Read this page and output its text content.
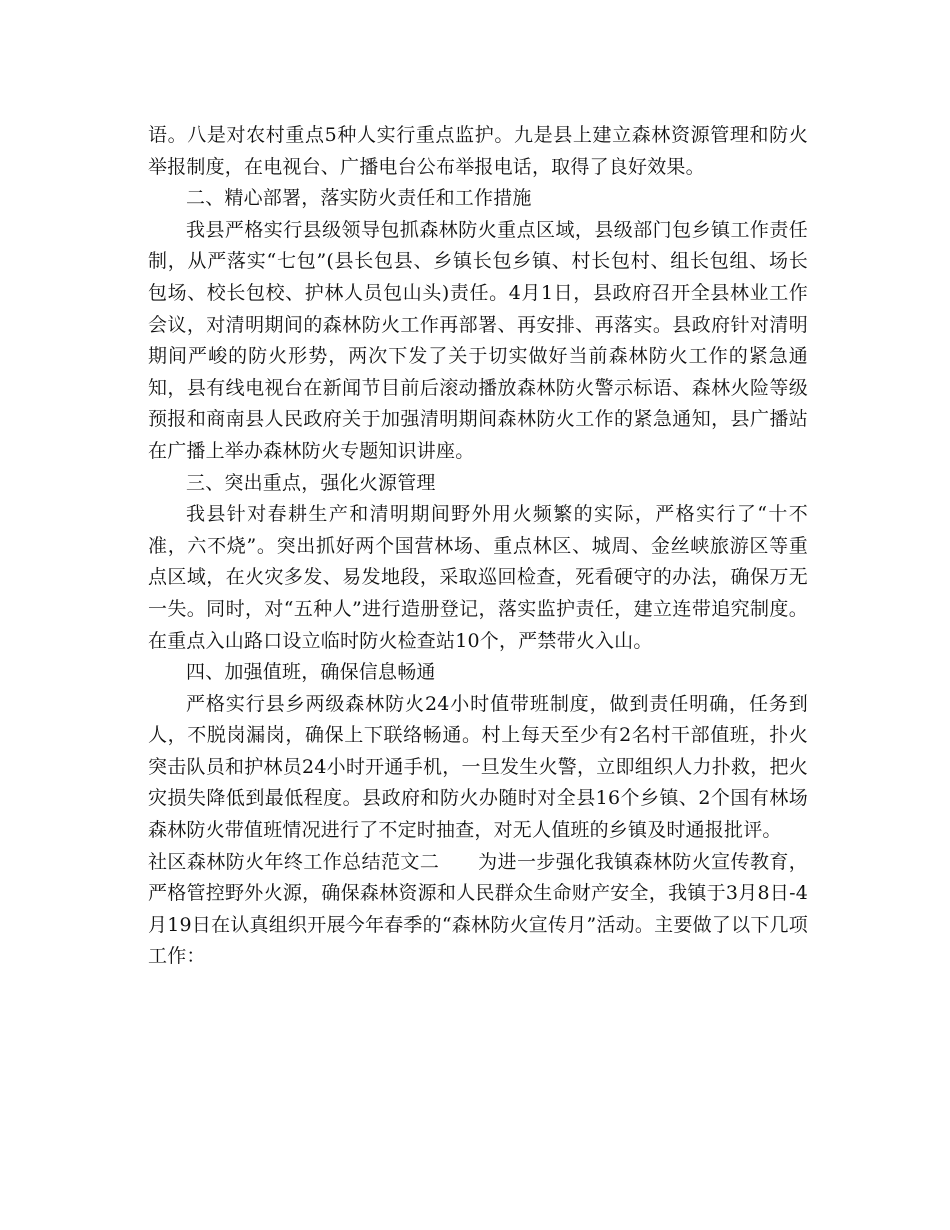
语。八是对农村重点5种人实行重点监护。九是县上建立森林资源管理和防火举报制度，在电视台、广播电台公布举报电话，取得了良好效果。

二、精心部署，落实防火责任和工作措施

我县严格实行县级领导包抓森林防火重点区域，县级部门包乡镇工作责任制，从严落实“七包”(县长包县、乡镇长包乡镇、村长包村、组长包组、场长包场、校长包校、护林人员包山头)责任。4月1日，县政府召开全县林业工作会议，对清明期间的森林防火工作再部署、再安排、再落实。县政府针对清明期间严峻的防火形势，两次下发了关于切实做好当前森林防火工作的紧急通知，县有线电视台在新闻节目前后滚动播放森林防火警示标语、森林火险等级预报和商南县人民政府关于加强清明期间森林防火工作的紧急通知，县广播站在广播上举办森林防火专题知识讲座。

三、突出重点，强化火源管理

我县针对春耕生产和清明期间野外用火频繁的实际，严格实行了“十不准，六不烧”。突出抓好两个国营林场、重点林区、城周、金丝峡旅游区等重点区域，在火灾多发、易发地段，采取巡回检查，死看硬守的办法，确保万无一失。同时，对“五种人”进行造册登记，落实监护责任，建立连带追究制度。在重点入山路口设立临时防火检查站10个，严禁带火入山。

四、加强值班，确保信息畅通

严格实行县乡两级森林防火24小时值带班制度，做到责任明确，任务到人，不脱岗漏岗，确保上下联络畅通。村上每天至少有2名村干部值班，扑火突击队员和护林员24小时开通手机，一旦发生火警，立即组织人力扑救，把火灾损失降低到最低程度。县政府和防火办随时对全县16个乡镇、2个国有林场森林防火带值班情况进行了不定时抽查，对无人值班的乡镇及时通报批评。

社区森林防火年终工作总结范文二　　为进一步强化我镇森林防火宣传教育，严格管控野外火源，确保森林资源和人民群众生命财产安全，我镇于3月8日-4月19日在认真组织开展今年春季的“森林防火宣传月”活动。主要做了以下几项工作：
